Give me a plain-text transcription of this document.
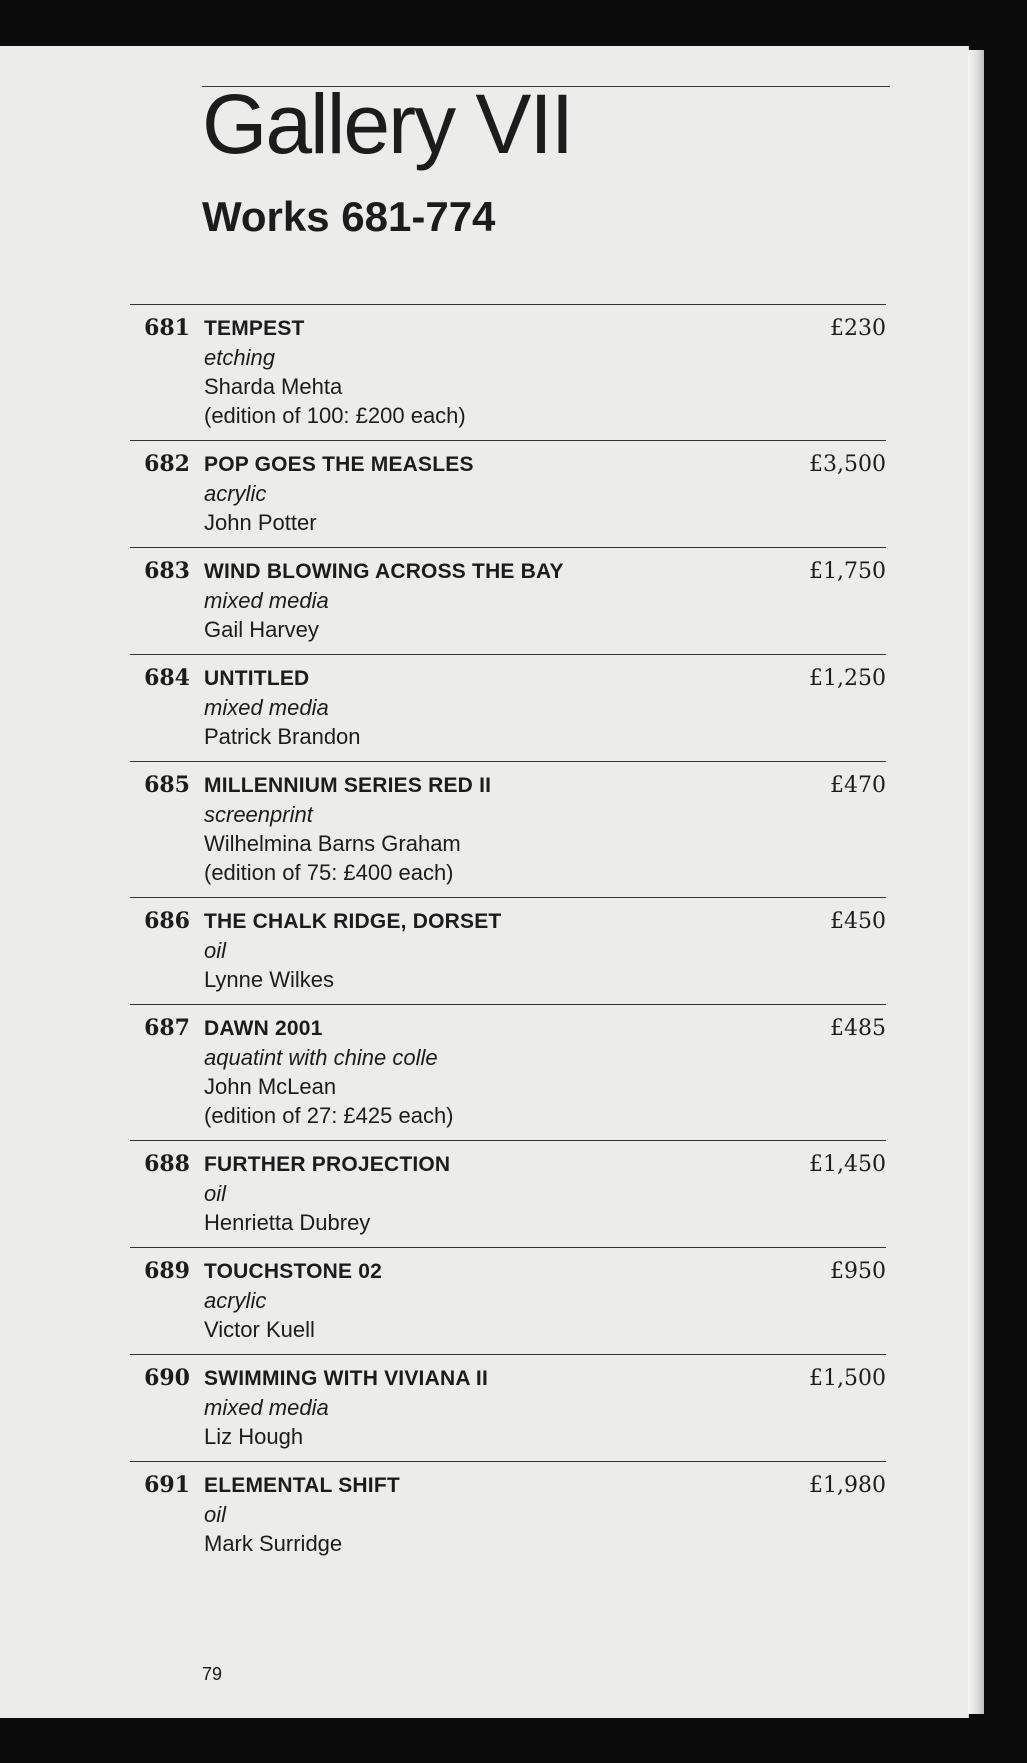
Gallery VII
Works 681-774
681 TEMPEST
etching
Sharda Mehta
(edition of 100: £200 each)
£230
682 POP GOES THE MEASLES
acrylic
John Potter
£3,500
683 WIND BLOWING ACROSS THE BAY
mixed media
Gail Harvey
£1,750
684 UNTITLED
mixed media
Patrick Brandon
£1,250
685 MILLENNIUM SERIES RED II
screenprint
Wilhelmina Barns Graham
(edition of 75: £400 each)
£470
686 THE CHALK RIDGE, DORSET
oil
Lynne Wilkes
£450
687 DAWN 2001
aquatint with chine colle
John McLean
(edition of 27: £425 each)
£485
688 FURTHER PROJECTION
oil
Henrietta Dubrey
£1,450
689 TOUCHSTONE 02
acrylic
Victor Kuell
£950
690 SWIMMING WITH VIVIANA II
mixed media
Liz Hough
£1,500
691 ELEMENTAL SHIFT
oil
Mark Surridge
£1,980
79
